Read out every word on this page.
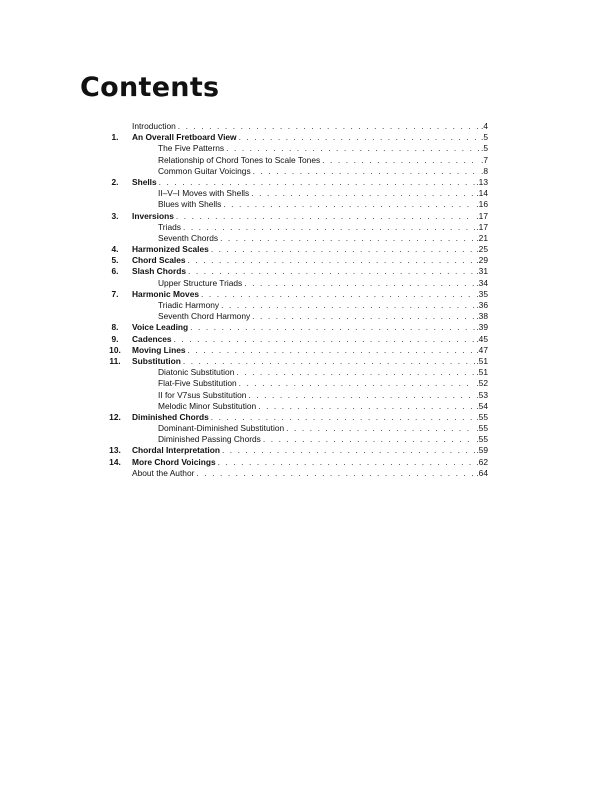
Contents
Introduction . . .	.4
1.	An Overall Fretboard View . . .	.5
The Five Patterns . . .	.5
Relationship of Chord Tones to Scale Tones . . .	.7
Common Guitar Voicings . . .	.8
2.	Shells . . .	.13
II–V–I Moves with Shells . . .	.14
Blues with Shells . . .	.16
3.	Inversions . . .	.17
Triads . . .	.17
Seventh Chords . . .	.21
4.	Harmonized Scales . . .	.25
5.	Chord Scales . . .	.29
6.	Slash Chords . . .	.31
Upper Structure Triads . . .	.34
7.	Harmonic Moves . . .	.35
Triadic Harmony . . .	.36
Seventh Chord Harmony . . .	.38
8.	Voice Leading . . .	.39
9.	Cadences . . .	.45
10.	Moving Lines . . .	.47
11.	Substitution . . .	.51
Diatonic Substitution . . .	.51
Flat-Five Substitution . . .	.52
II for V7sus Substitution . . .	.53
Melodic Minor Substitution . . .	.54
12.	Diminished Chords . . .	.55
Dominant-Diminished Substitution . . .	.55
Diminished Passing Chords . . .	.55
13.	Chordal Interpretation . . .	.59
14.	More Chord Voicings . . .	.62
About the Author . . .	.64
